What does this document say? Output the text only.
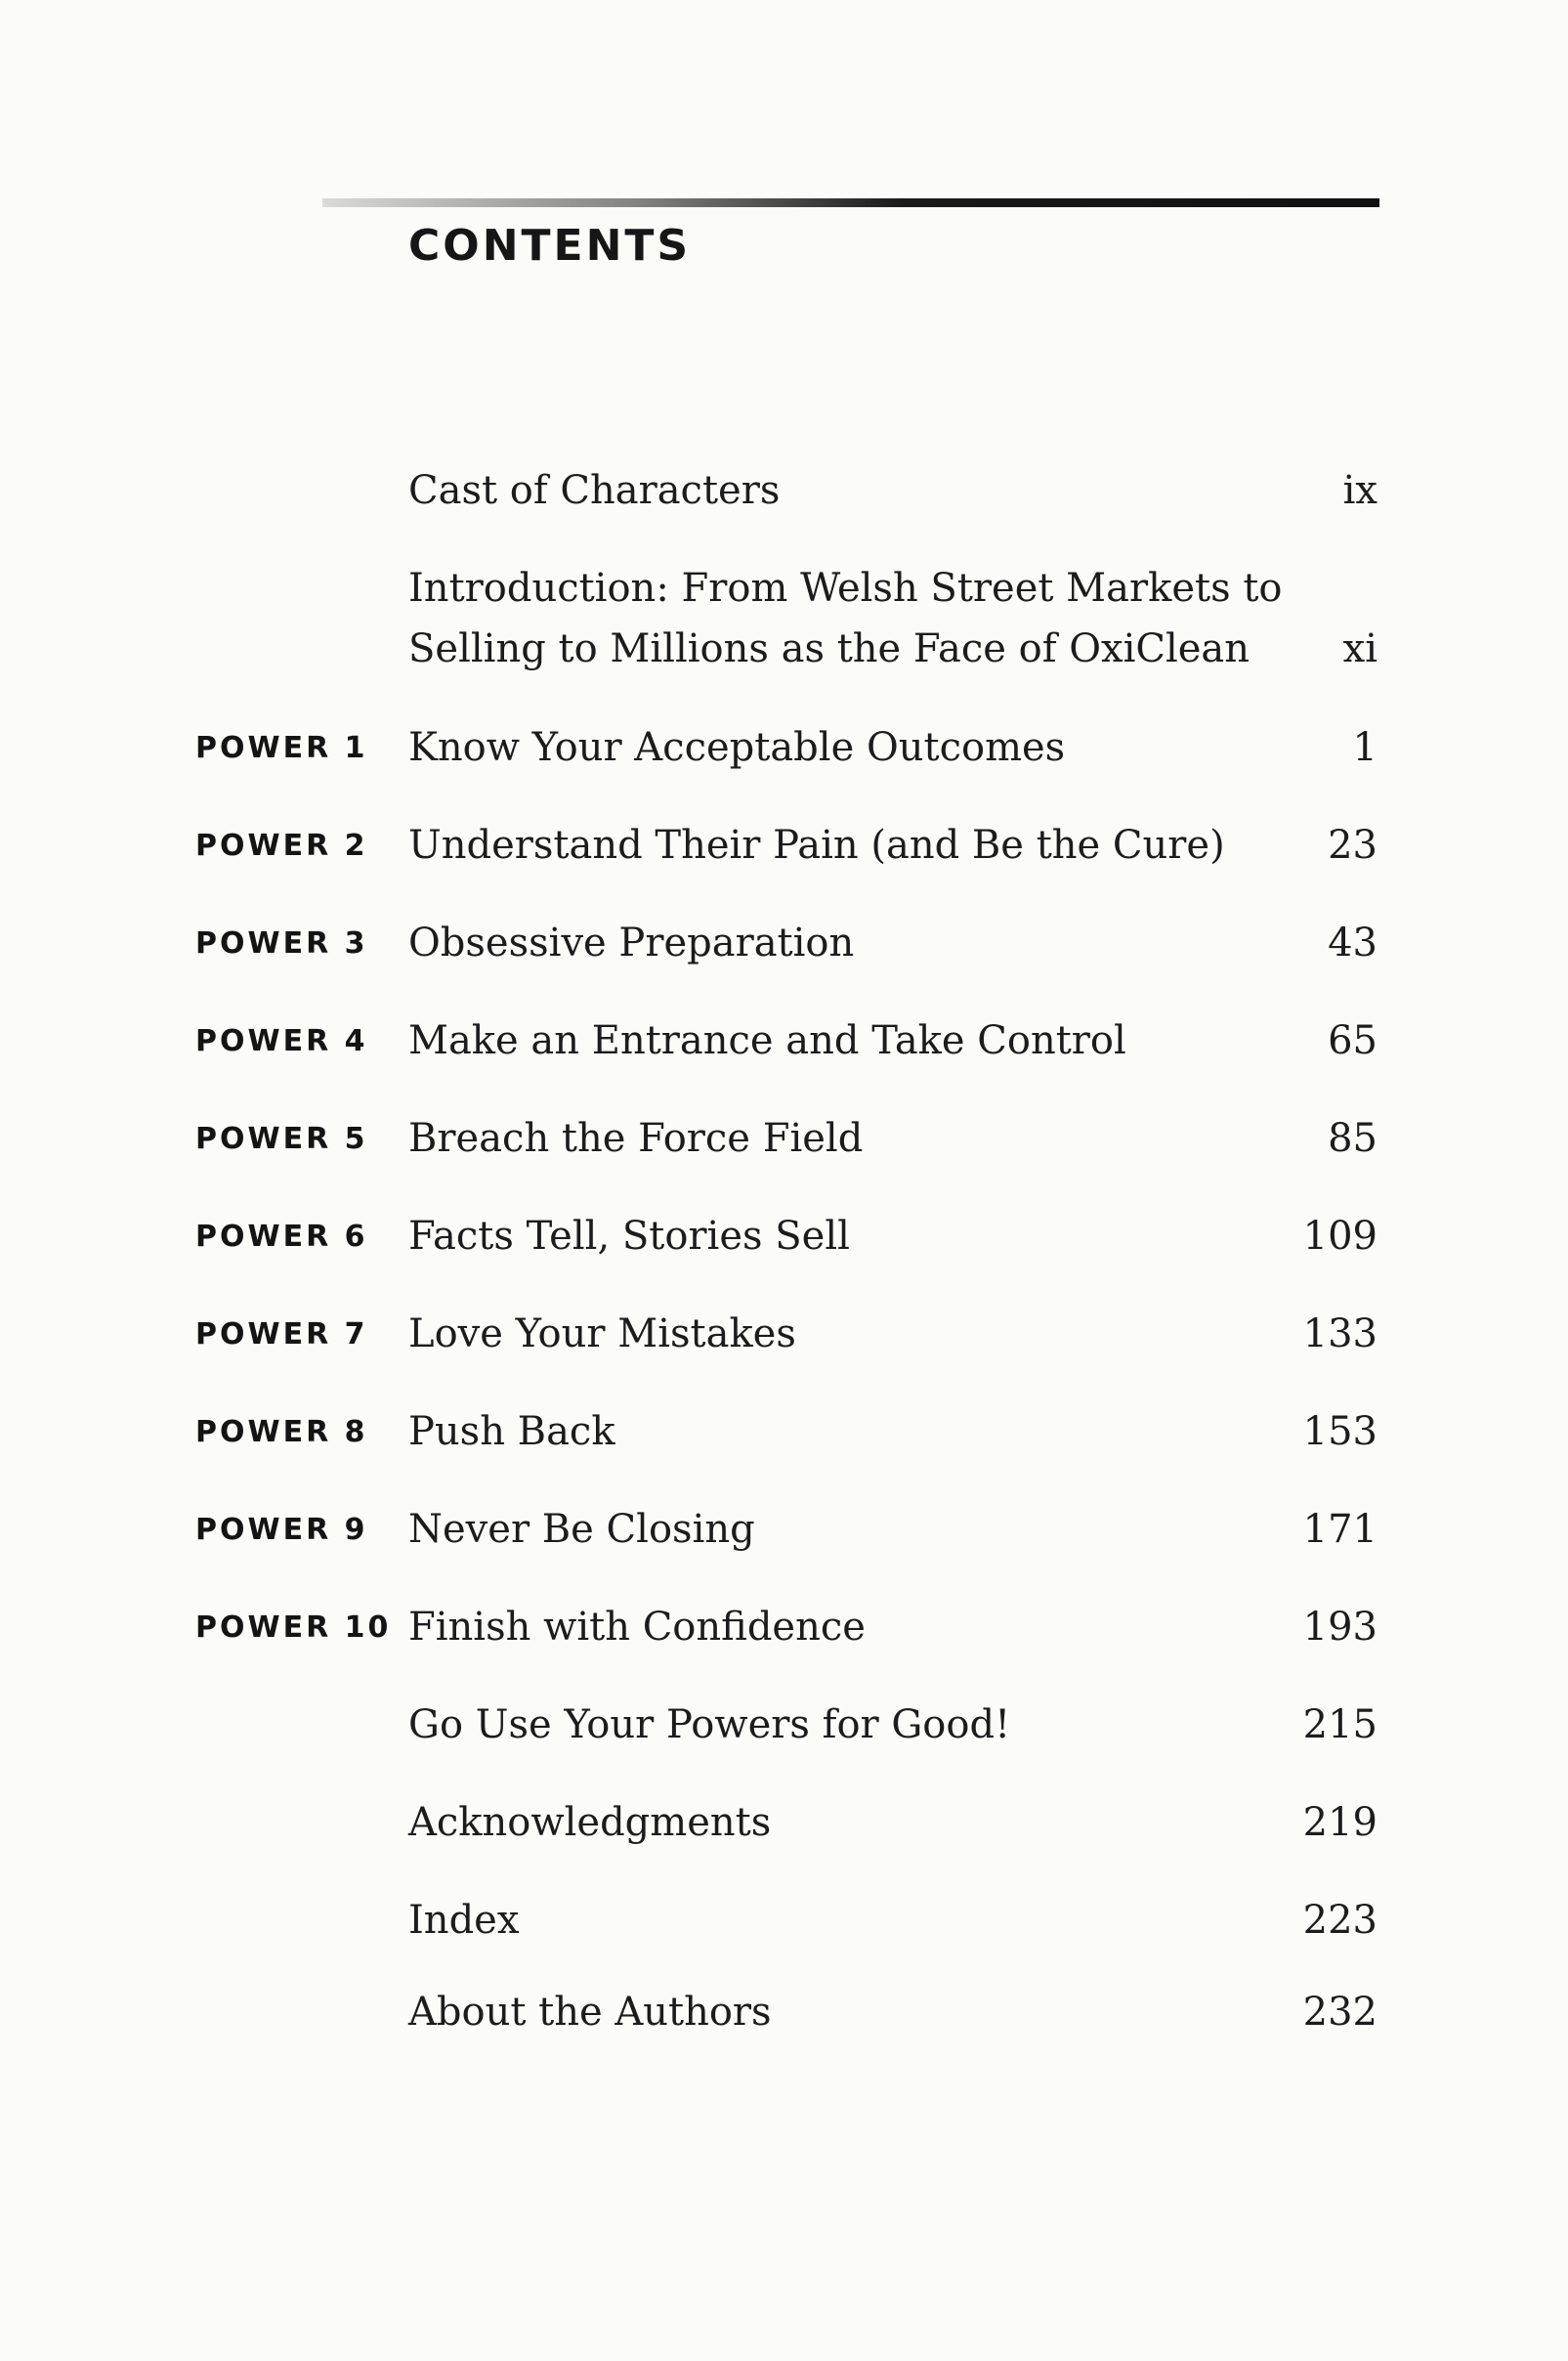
CONTENTS
Cast of Characters	ix
Introduction: From Welsh Street Markets to
Selling to Millions as the Face of OxiClean	xi
POWER 1 Know Your Acceptable Outcomes	1
POWER 2 Understand Their Pain (and Be the Cure)	23
POWER 3 Obsessive Preparation	43
POWER 4 Make an Entrance and Take Control	65
POWER 5 Breach the Force Field	85
POWER 6 Facts Tell, Stories Sell	109
POWER 7 Love Your Mistakes	133
POWER 8 Push Back	153
POWER 9 Never Be Closing	171
POWER 10 Finish with Confidence	193
Go Use Your Powers for Good!	215
Acknowledgments	219
Index	223
About the Authors	232
